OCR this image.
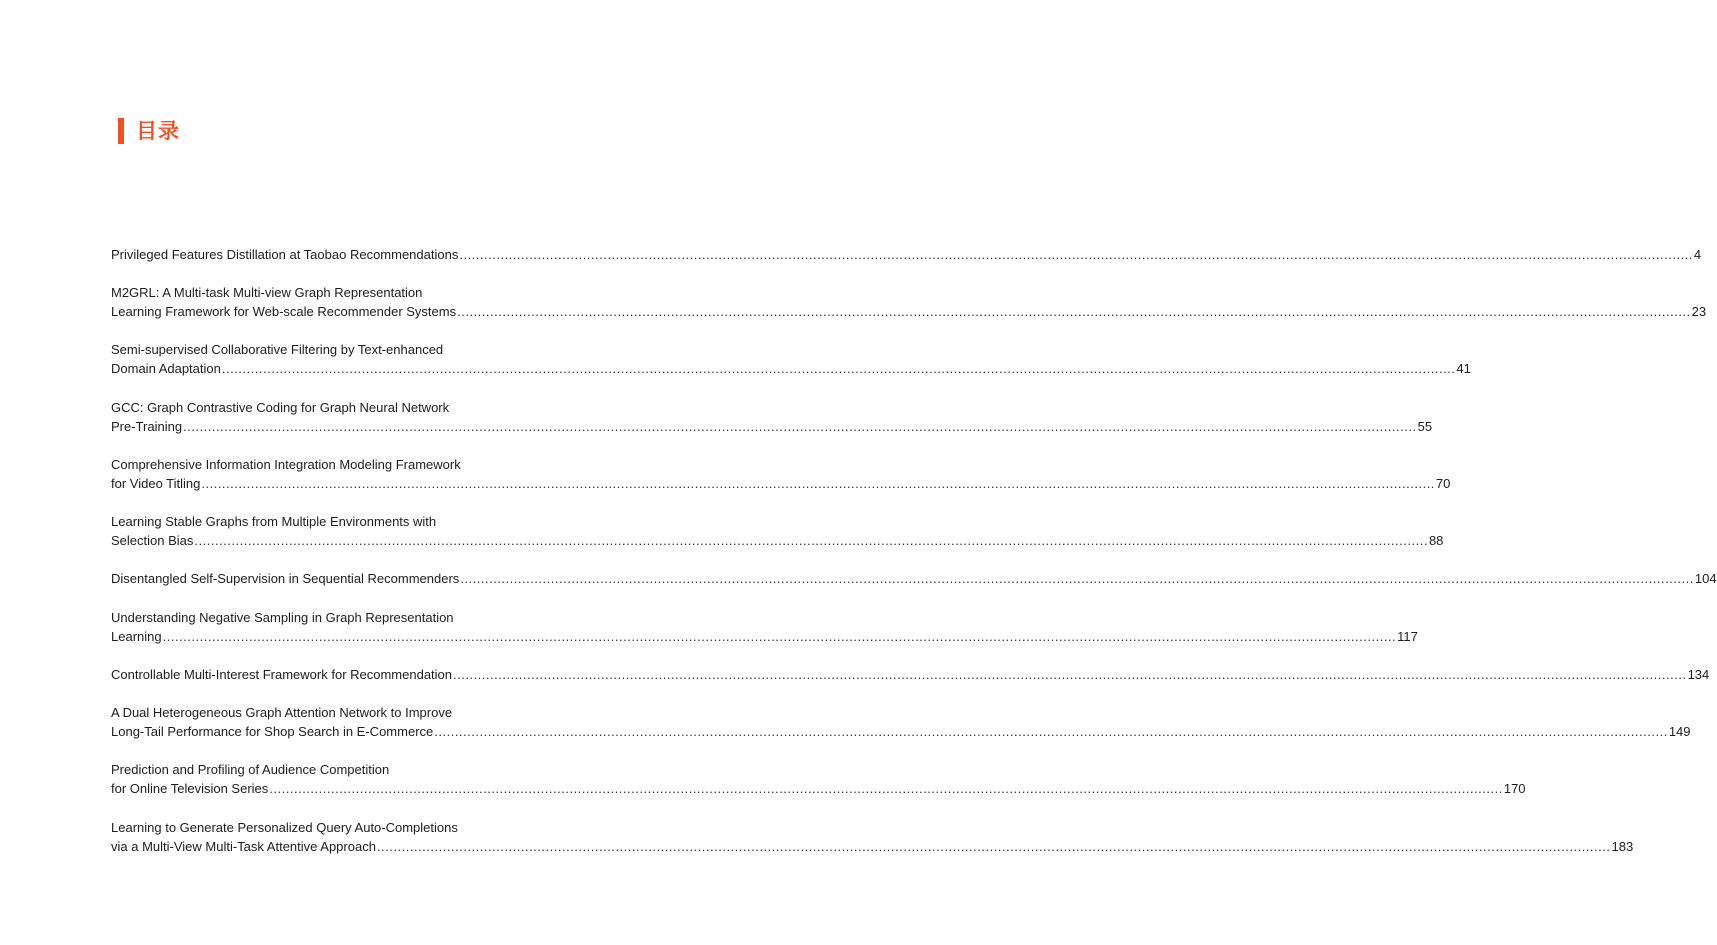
目录
Privileged Features Distillation at Taobao Recommendations ............................................................................................................................................................................................................................................................................................................ 4
M2GRL: A Multi-task Multi-view Graph Representation
Learning Framework for Web-scale Recommender Systems ............................................................................................................................................................................................................................................................................................................ 23
Semi-supervised Collaborative Filtering by Text-enhanced
Domain Adaptation ............................................................................................................................................................................................................................................................................................................ 41
GCC: Graph Contrastive Coding for Graph Neural Network
Pre-Training ............................................................................................................................................................................................................................................................................................................ 55
Comprehensive Information Integration Modeling Framework
for Video Titling ............................................................................................................................................................................................................................................................................................................ 70
Learning Stable Graphs from Multiple Environments with
Selection Bias ............................................................................................................................................................................................................................................................................................................ 88
Disentangled Self-Supervision in Sequential Recommenders ............................................................................................................................................................................................................................................................................................................ 104
Understanding Negative Sampling in Graph Representation
Learning ............................................................................................................................................................................................................................................................................................................ 117
Controllable Multi-Interest Framework for Recommendation ............................................................................................................................................................................................................................................................................................................ 134
A Dual Heterogeneous Graph Attention Network to Improve
Long-Tail Performance for Shop Search in E-Commerce ............................................................................................................................................................................................................................................................................................................ 149
Prediction and Profiling of Audience Competition
for Online Television Series ............................................................................................................................................................................................................................................................................................................ 170
Learning to Generate Personalized Query Auto-Completions
via a Multi-View Multi-Task Attentive Approach ............................................................................................................................................................................................................................................................................................................ 183
